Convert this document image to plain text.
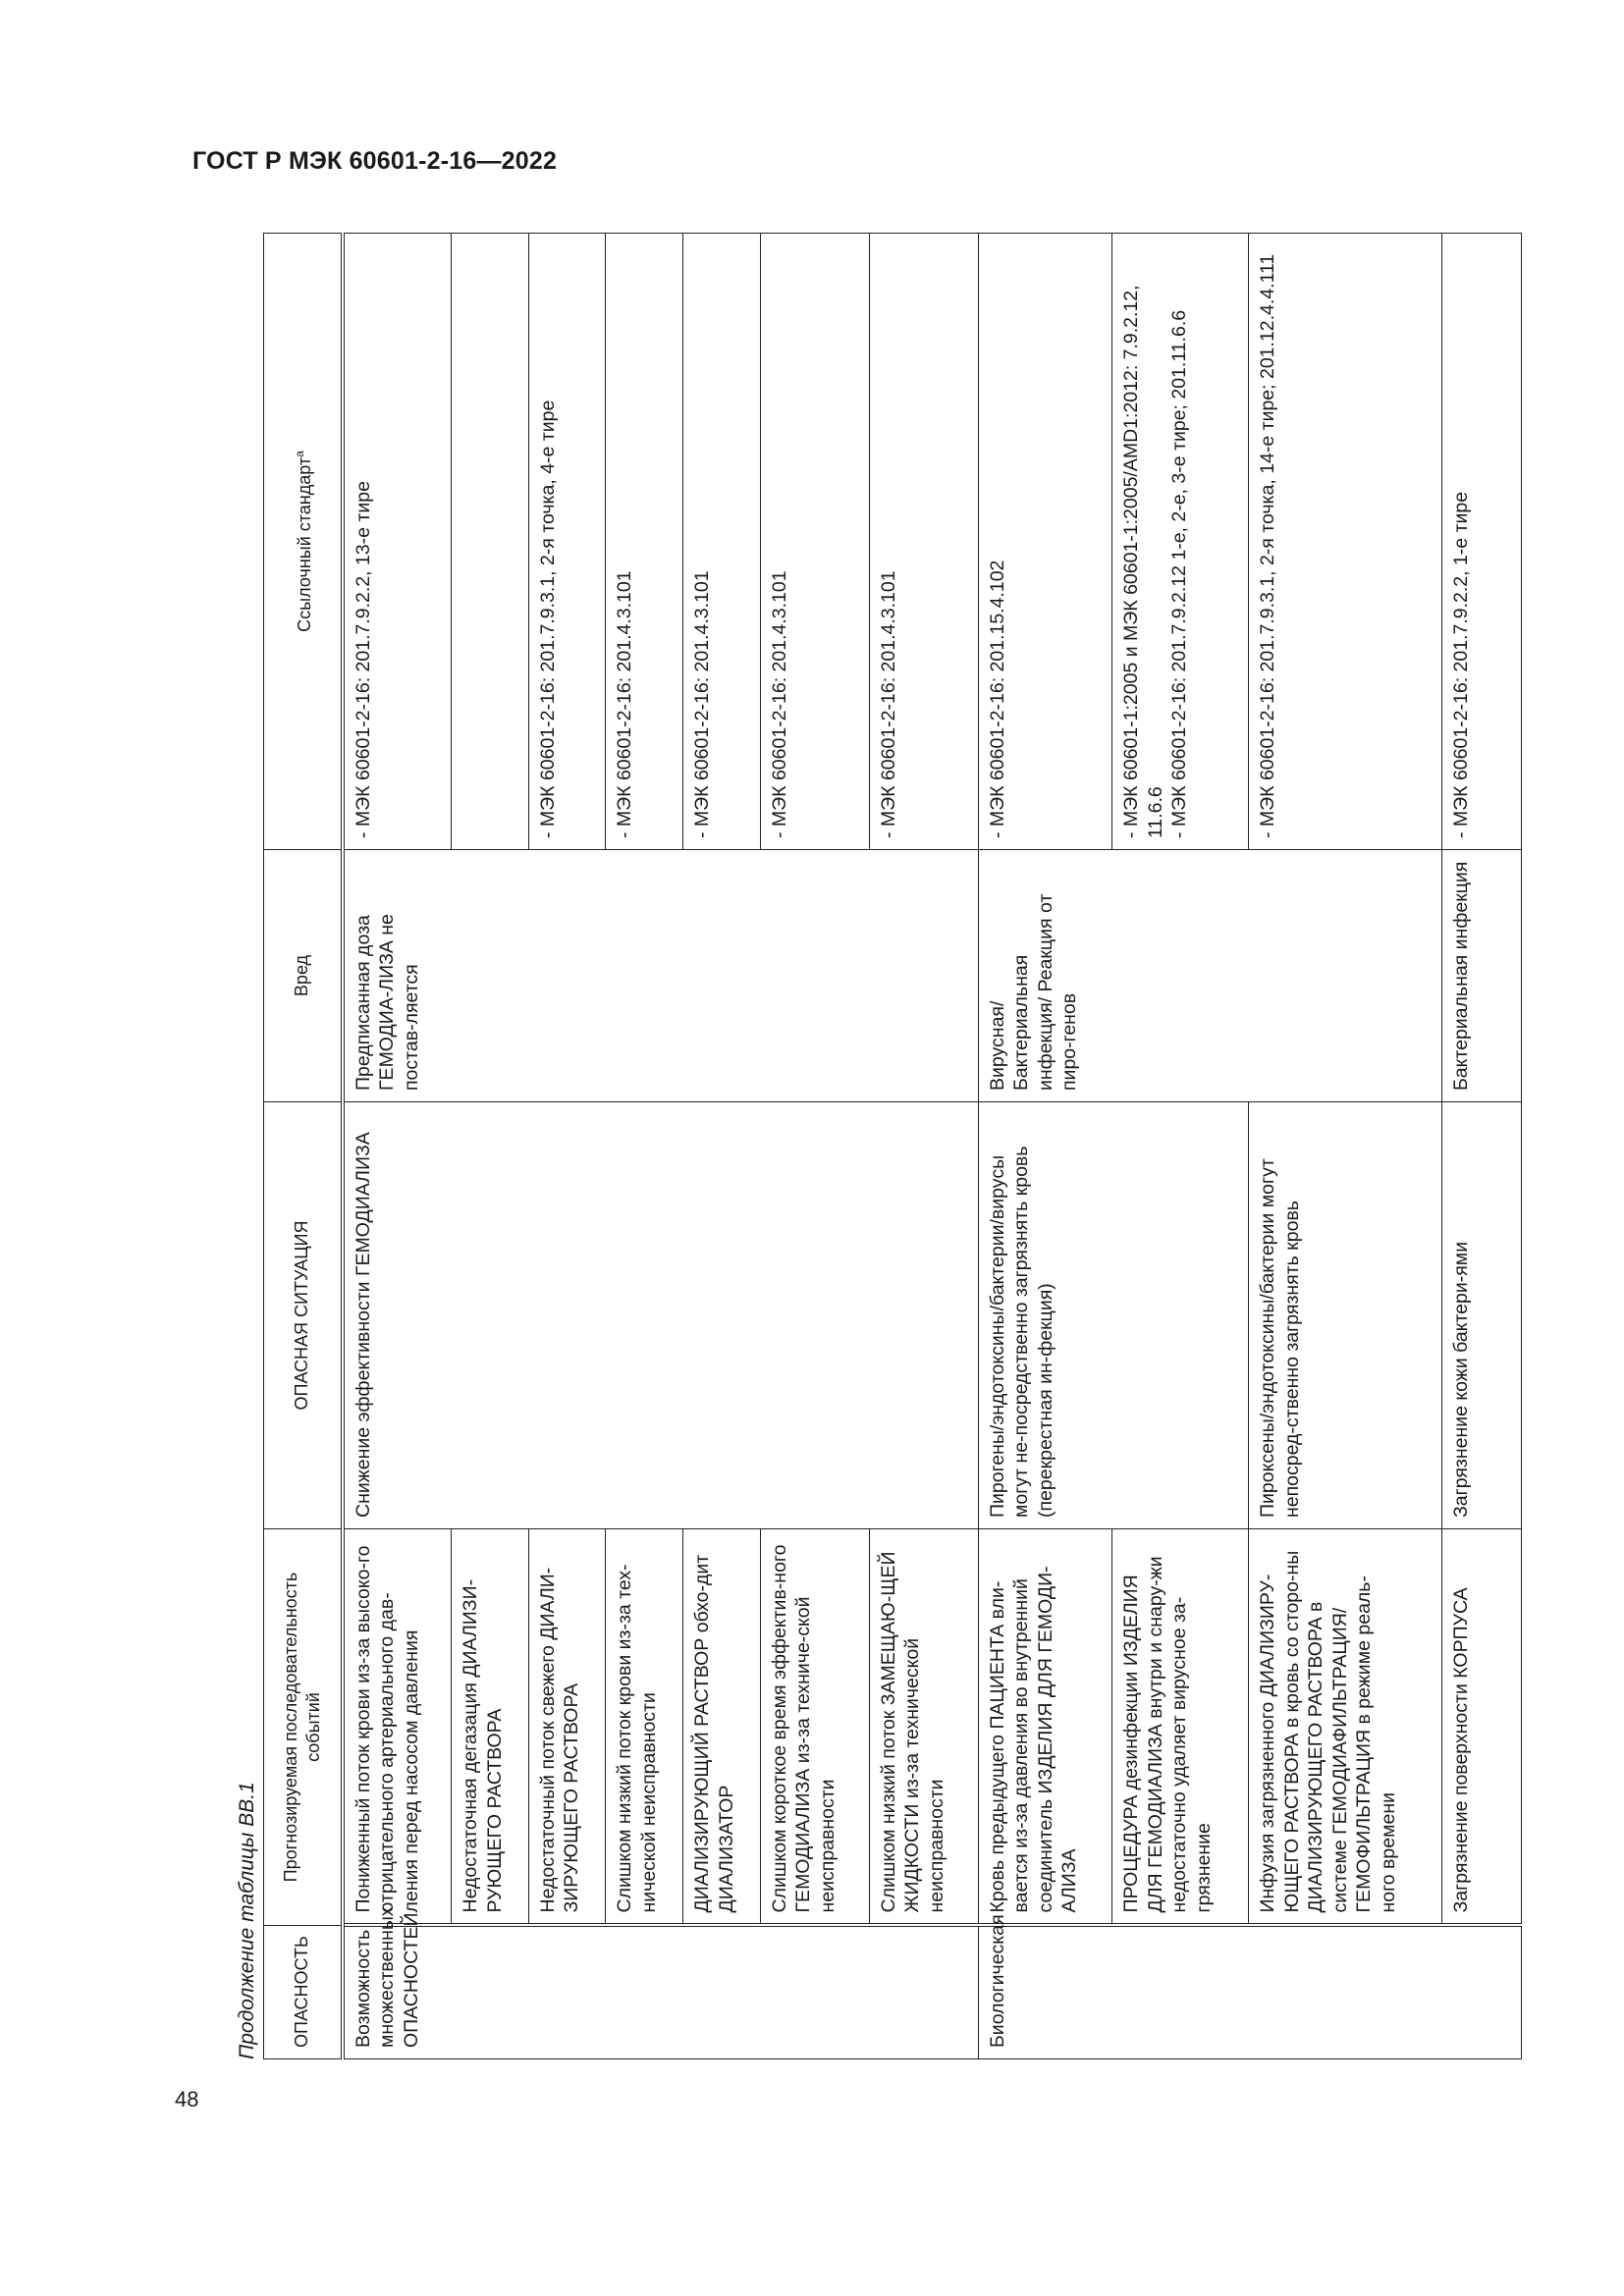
ГОСТ Р МЭК 60601-2-16—2022
48
Продолжение таблицы ВВ.1 ОПАСНОСТЬ	Прогнозируемая последовательность событий	ОПАСНАЯ СИТУАЦИЯ	Вред	Ссылочный стандарт$^a$
Возможность множественных ОПАСНОСТЕЙ	Пониженный поток крови из-за высоко-го отрицательного артериального дав-ления перед насосом давления	Снижение эффективности ГЕМОДИАЛИЗА	Предписанная доза ГЕМОДИА-ЛИЗА не постав-ляется	- МЭК 60601-2-16: 201.7.9.2.2, 13-е тире
	Недостаточная дегазация ДИАЛИЗИ-РУЮЩЕГО РАСТВОРА			
	Недостаточный поток свежего ДИАЛИ-ЗИРУЮЩЕГО РАСТВОРА			- МЭК 60601-2-16: 201.7.9.3.1, 2-я точка, 4-е тире
	Слишком низкий поток крови из-за тех-нической неисправности			- МЭК 60601-2-16: 201.4.3.101
	ДИАЛИЗИРУЮЩИЙ РАСТВОР обхо-дит ДИАЛИЗАТОР			- МЭК 60601-2-16: 201.4.3.101
	Слишком короткое время эффектив-ного ГЕМОДИАЛИЗА из-за техниче-ской неисправности			- МЭК 60601-2-16: 201.4.3.101
	Слишком низкий поток ЗАМЕЩАЮ-ЩЕЙ ЖИДКОСТИ из-за технической неисправности			- МЭК 60601-2-16: 201.4.3.101
Биологическая	Кровь предыдущего ПАЦИЕНТА вли-вается из-за давления во внутренний соединитель ИЗДЕЛИЯ ДЛЯ ГЕМОДИ-АЛИЗА	Пирогены/эндотоксины/бактерии/вирусы могут не-посредственно загрязнять кровь (перекрестная ин-фекция)	Вирусная/ Бактериальная инфекция/ Реакция от пиро-генов	- МЭК 60601-2-16: 201.15.4.102
	ПРОЦЕДУРА дезинфекции ИЗДЕЛИЯ ДЛЯ ГЕМОДИАЛИЗА внутри и снару-жи недостаточно удаляет вирусное за-грязнение			- МЭК 60601-1:2005 и МЭК 60601-1:2005/AMD1:2012: 7.9.2.12, 11.6.6 - МЭК 60601-2-16: 201.7.9.2.12 1-е, 2-е, 3-е тире; 201.11.6.6

	Инфузия загрязненного ДИАЛИЗИРУ-ЮЩЕГО РАСТВОРА в кровь со сторо-ны ДИАЛИЗИРУЮЩЕГО РАСТВОРА в системе ГЕМОДИАФИЛЬТРАЦИЯ/ ГЕМОФИЛЬТРАЦИЯ в режиме реаль-ного времени	Пироксены/эндотоксины/бактерии могут непосред-ственно загрязнять кровь		- МЭК 60601-2-16: 201.7.9.3.1, 2-я точка, 14-е тире; 201.12.4.4.111
	Загрязнение поверхности КОРПУСА	Загрязнение кожи бактери-ями	Бактериальная инфекция	- МЭК 60601-2-16: 201.7.9.2.2, 1-е тире
